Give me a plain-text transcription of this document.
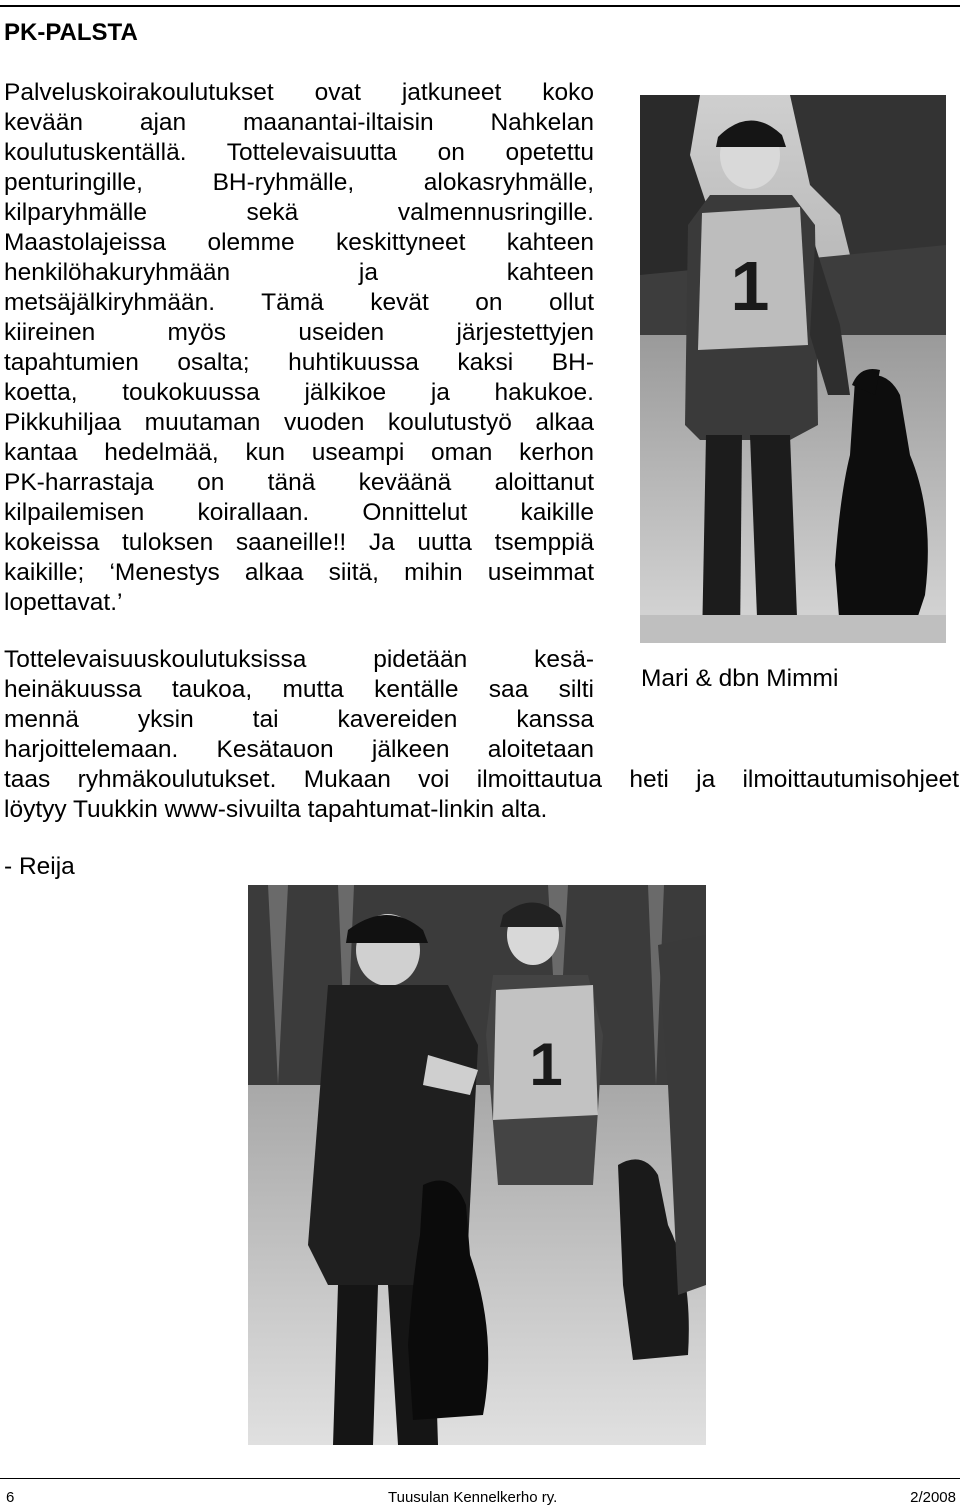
PK-PALSTA
Palveluskoirakoulutukset ovat jatkuneet koko
kevään ajan maanantai-iltaisin Nahkelan
koulutuskentällä. Tottelevaisuutta on opetettu
penturingille, BH-ryhmälle, alokasryhmälle,
kilparyhmälle sekä valmennusringille.
Maastolajeissa olemme keskittyneet kahteen
henkilöhakuryhmään ja kahteen
metsäjälkiryhmään. Tämä kevät on ollut
kiireinen myös useiden järjestettyjen
tapahtumien osalta; huhtikuussa kaksi BH-
koetta, toukokuussa jälkikoe ja hakukoe.
Pikkuhiljaa muutaman vuoden koulutustyö alkaa
kantaa hedelmää, kun useampi oman kerhon
PK-harrastaja on tänä keväänä aloittanut
kilpailemisen koirallaan. Onnittelut kaikille
kokeissa tuloksen saaneille!! Ja uutta tsemppiä
kaikille; ‘Menestys alkaa siitä, mihin useimmat
lopettavat.’
1
Mari & dbn Mimmi
Tottelevaisuuskoulutuksissa pidetään kesä-
heinäkuussa taukoa, mutta kentälle saa silti
mennä yksin tai kavereiden kanssa
harjoittelemaan. Kesätauon jälkeen aloitetaan
taas ryhmäkoulutukset. Mukaan voi ilmoittautua heti ja ilmoittautumisohjeet
löytyy Tuukkin www-sivuilta tapahtumat-linkin alta.
- Reija
1
6	Tuusulan Kennelkerho ry.	2/2008
